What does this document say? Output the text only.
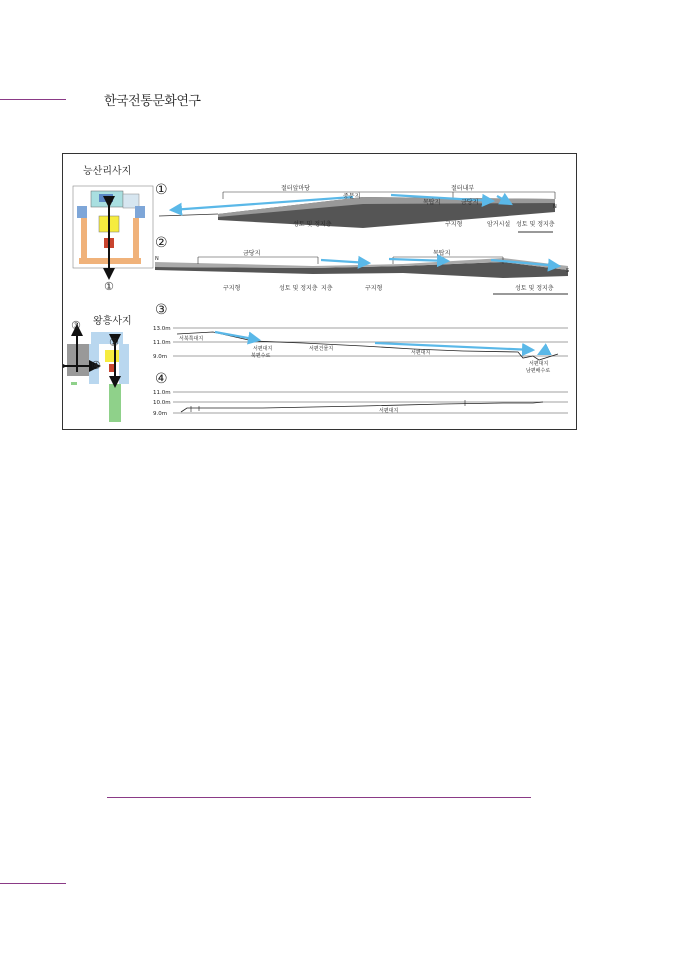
한국전통문화연구
능산리사지
①
왕흥사지
③
②
④
①	절터앞마당	절터내부
중문지
목탑지	금당지
성토 및 정지층	구지형	암거시설 성토 및 정지층
N
②
금당지	목탑지
구지형	성토 및 정지층 지층	구지형	성토 및 정지층
N
S
③
13.0m
11.0m
9.0m
서북쪽대지
서편대지
북편수로
서편건물지
서편대지
서편대지
남편배수로
④
11.0m
10.0m
9.0m	서편대지
